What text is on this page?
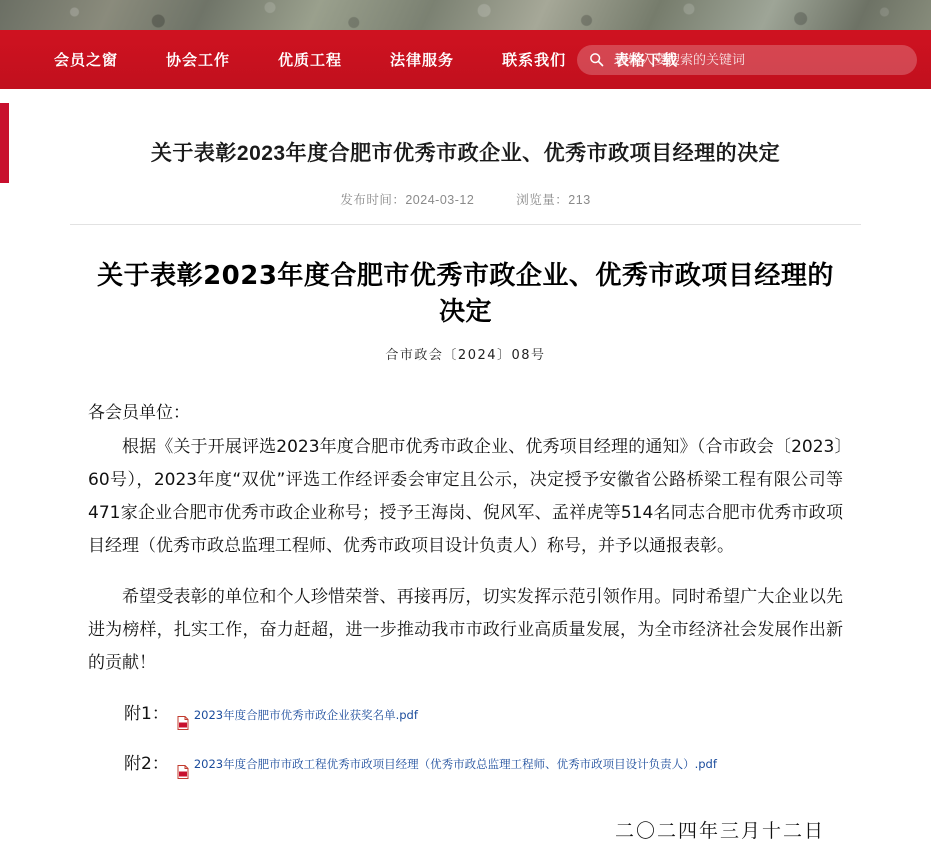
会员之窗	协会工作	优质工程	法律服务	联系我们	表格下载
请输入要搜索的关键词
关于表彰2023年度合肥市优秀市政企业、优秀市政项目经理的决定
发布时间：2024-03-12	浏览量：213
关于表彰2023年度合肥市优秀市政企业、优秀市政项目经理的决定
合市政会〔2024〕08号
各会员单位：

根据《关于开展评选2023年度合肥市优秀市政企业、优秀项目经理的通知》（合市政会〔2023〕60号），2023年度“双优”评选工作经评委会审定且公示，决定授予安徽省公路桥梁工程有限公司等471家企业合肥市优秀市政企业称号；授予王海岗、倪风军、孟祥虎等514名同志合肥市优秀市政项目经理（优秀市政总监理工程师、优秀市政项目设计负责人）称号，并予以通报表彰。

希望受表彰的单位和个人珍惜荣誉、再接再厉，切实发挥示范引领作用。同时希望广大企业以先进为榜样，扎实工作，奋力赶超，进一步推动我市市政行业高质量发展，为全市经济社会发展作出新的贡献！

附1： 2023年度合肥市优秀市政企业获奖名单.pdf
附2： 2023年度合肥市市政工程优秀市政项目经理（优秀市政总监理工程师、优秀市政项目设计负责人）.pdf
二〇二四年三月十二日
